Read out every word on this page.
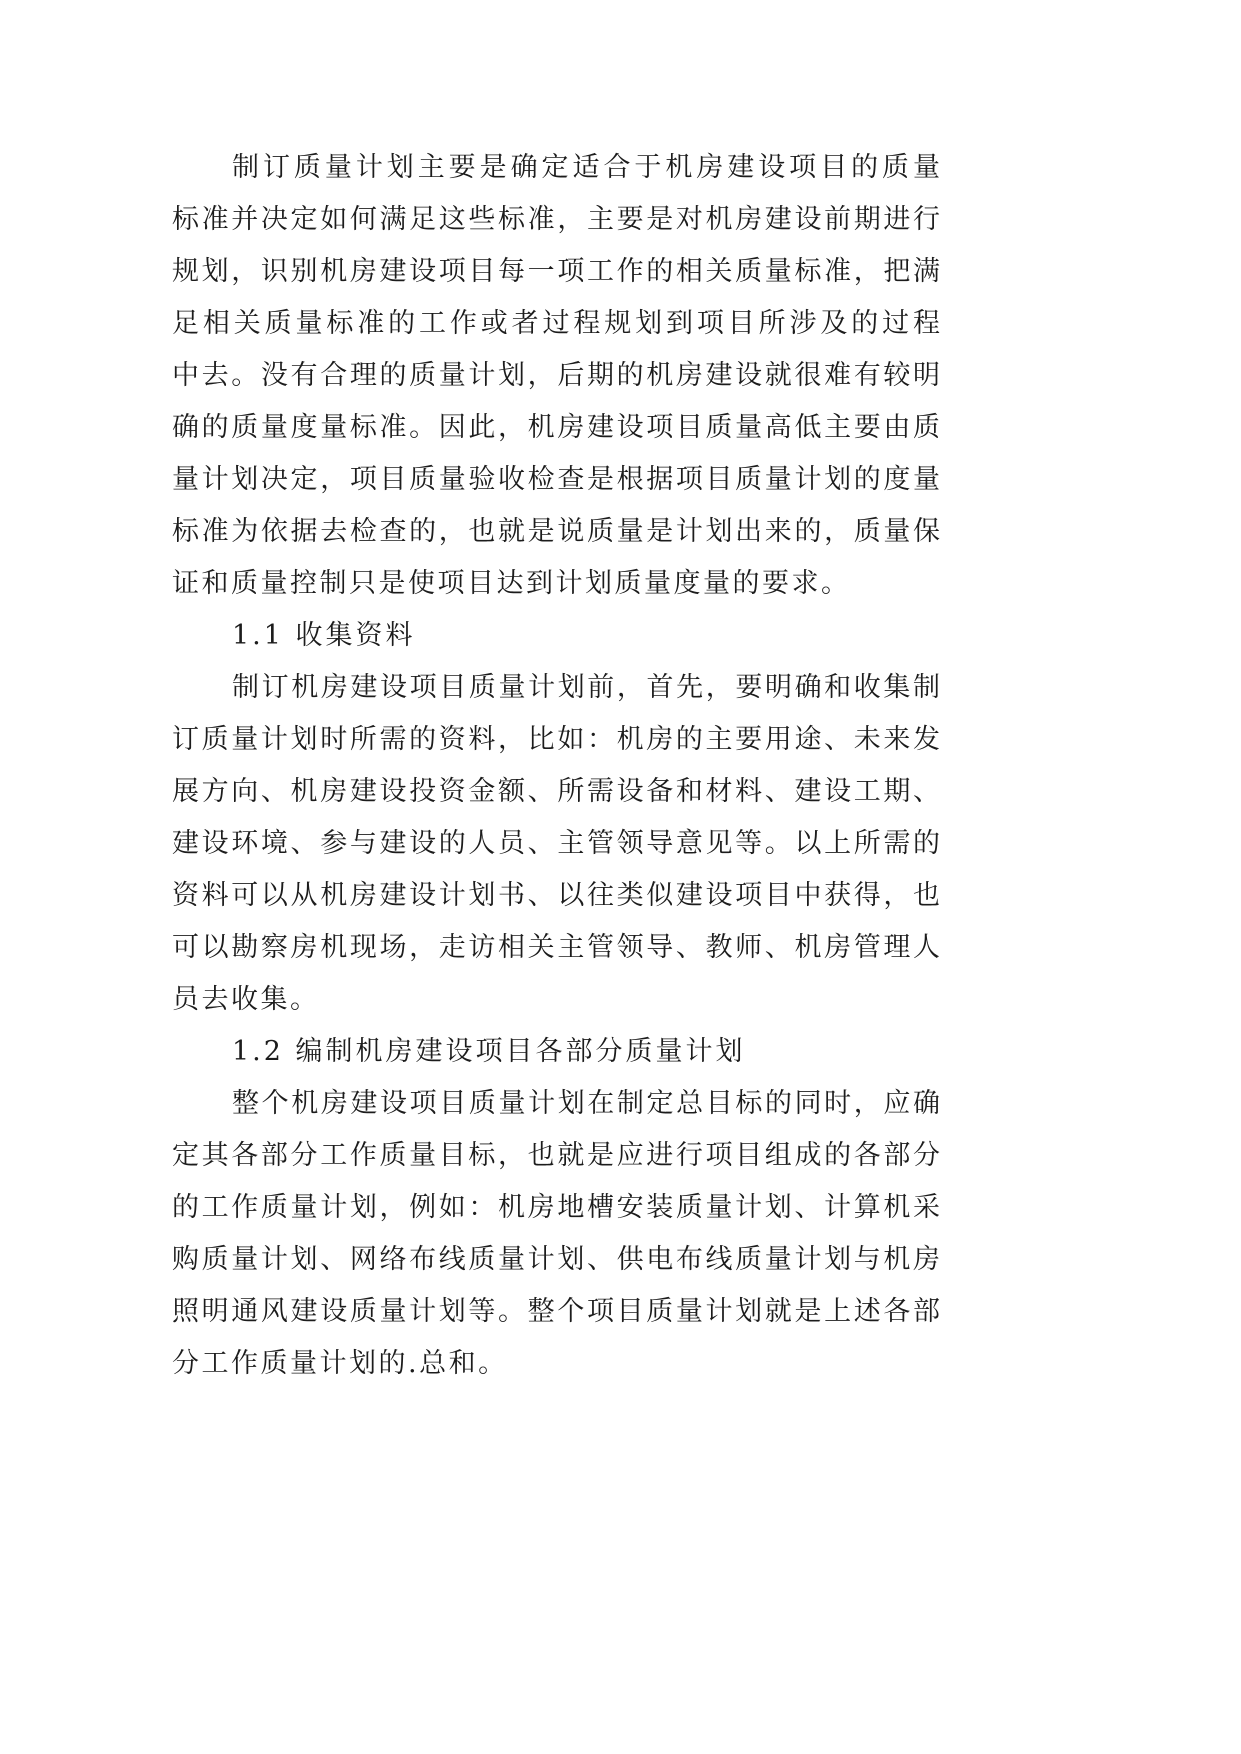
制订质量计划主要是确定适合于机房建设项目的质量
标准并决定如何满足这些标准，主要是对机房建设前期进行
规划，识别机房建设项目每一项工作的相关质量标准，把满
足相关质量标准的工作或者过程规划到项目所涉及的过程
中去。没有合理的质量计划，后期的机房建设就很难有较明
确的质量度量标准。因此，机房建设项目质量高低主要由质
量计划决定，项目质量验收检查是根据项目质量计划的度量
标准为依据去检查的，也就是说质量是计划出来的，质量保
证和质量控制只是使项目达到计划质量度量的要求。
1.1 收集资料
制订机房建设项目质量计划前，首先，要明确和收集制
订质量计划时所需的资料，比如：机房的主要用途、未来发
展方向、机房建设投资金额、所需设备和材料、建设工期、
建设环境、参与建设的人员、主管领导意见等。以上所需的
资料可以从机房建设计划书、以往类似建设项目中获得，也
可以勘察房机现场，走访相关主管领导、教师、机房管理人
员去收集。
1.2 编制机房建设项目各部分质量计划
整个机房建设项目质量计划在制定总目标的同时，应确
定其各部分工作质量目标，也就是应进行项目组成的各部分
的工作质量计划，例如：机房地槽安装质量计划、计算机采
购质量计划、网络布线质量计划、供电布线质量计划与机房
照明通风建设质量计划等。整个项目质量计划就是上述各部
分工作质量计划的.总和。
